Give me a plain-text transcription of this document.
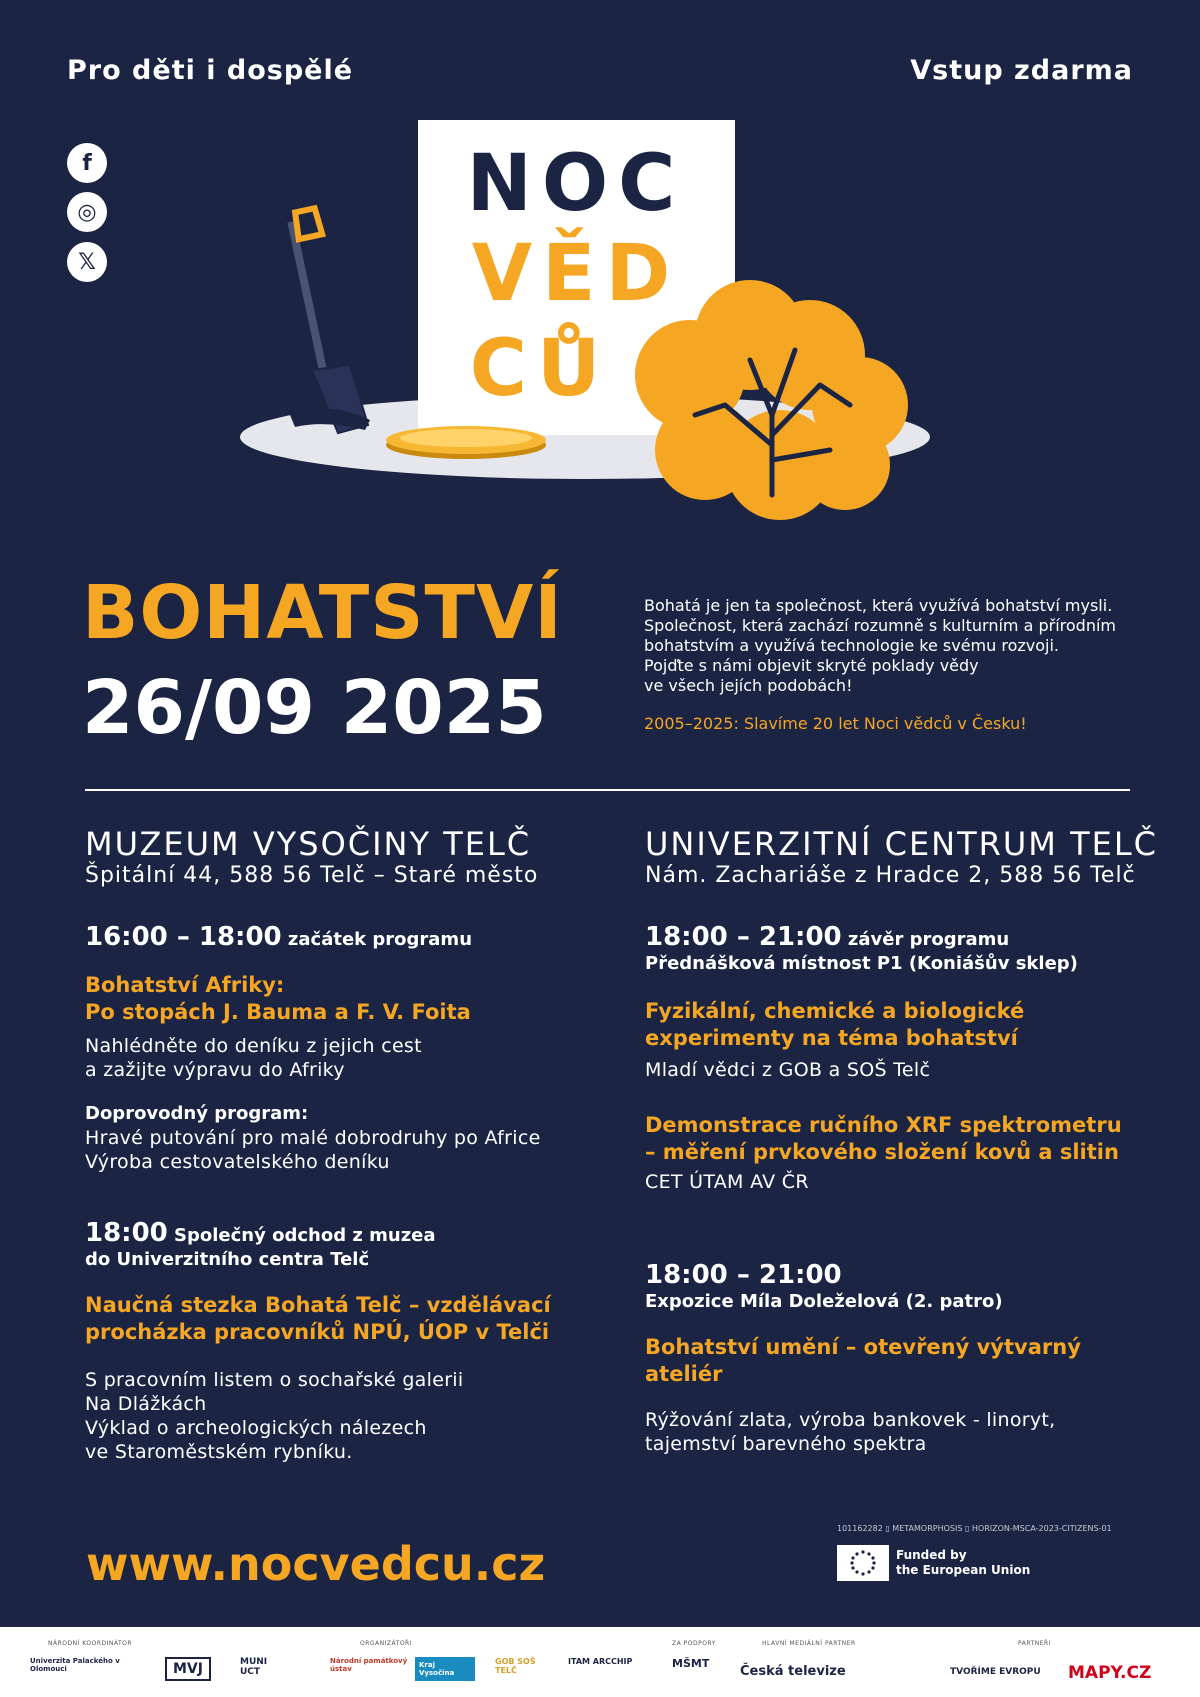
Pro děti i dospělé	Vstup zdarma
f
◎
𝕏
NOC
VĚD
CŮ
BOHATSTVÍ
26/09 2025
Bohatá je jen ta společnost, která využívá bohatství mysli.
Společnost, která zachází rozumně s kulturním a přírodním
bohatstvím a využívá technologie ke svému rozvoji.
Pojďte s námi objevit skryté poklady vědy
ve všech jejích podobách!
2005–2025: Slavíme 20 let Noci vědců v Česku!
MUZEUM VYSOČINY TELČ
Špitální 44, 588 56 Telč – Staré město
16:00 – 18:00 začátek programu
Bohatství Afriky:
Po stopách J. Bauma a F. V. Foita
Nahlédněte do deníku z jejich cest
a zažijte výpravu do Afriky
Doprovodný program:
Hravé putování pro malé dobrodruhy po Africe
Výroba cestovatelského deníku
18:00 Společný odchod z muzea
do Univerzitního centra Telč
Naučná stezka Bohatá Telč – vzdělávací
procházka pracovníků NPÚ, ÚOP v Telči
S pracovním listem o sochařské galerii
Na Dlážkách
Výklad o archeologických nálezech
ve Staroměstském rybníku.
UNIVERZITNÍ CENTRUM TELČ
Nám. Zachariáše z Hradce 2, 588 56 Telč
18:00 – 21:00 závěr programu
Přednášková místnost P1 (Koniášův sklep)
Fyzikální, chemické a biologické
experimenty na téma bohatství
Mladí vědci z GOB a SOŠ Telč
Demonstrace ručního XRF spektrometru
– měření prvkového složení kovů a slitin
CET ÚTAM AV ČR
18:00 – 21:00
Expozice Míla Doleželová (2. patro)
Bohatství umění – otevřený výtvarný
ateliér
Rýžování zlata, výroba bankovek - linoryt,
tajemství barevného spektra
www.nocvedcu.cz
101162282 ▯ METAMORPHOSIS ▯ HORIZON-MSCA-2023-CITIZENS-01
Funded by
the European Union
NÁRODNÍ KOORDINÁTOR	ORGANIZÁTOŘI	ZA PODPORY	HLAVNÍ MEDIÁLNÍ PARTNER	PARTNEŘI
Univerzita Palackého v Olomouci	MVJ	MUNI UCT
Národní památkový ústav	Kraj Vysočina
GOB SOŠ TELČ
ITAM ARCCHIP	MŠMT
Česká televize	TVOŘÍME EVROPU MAPY.CZ
